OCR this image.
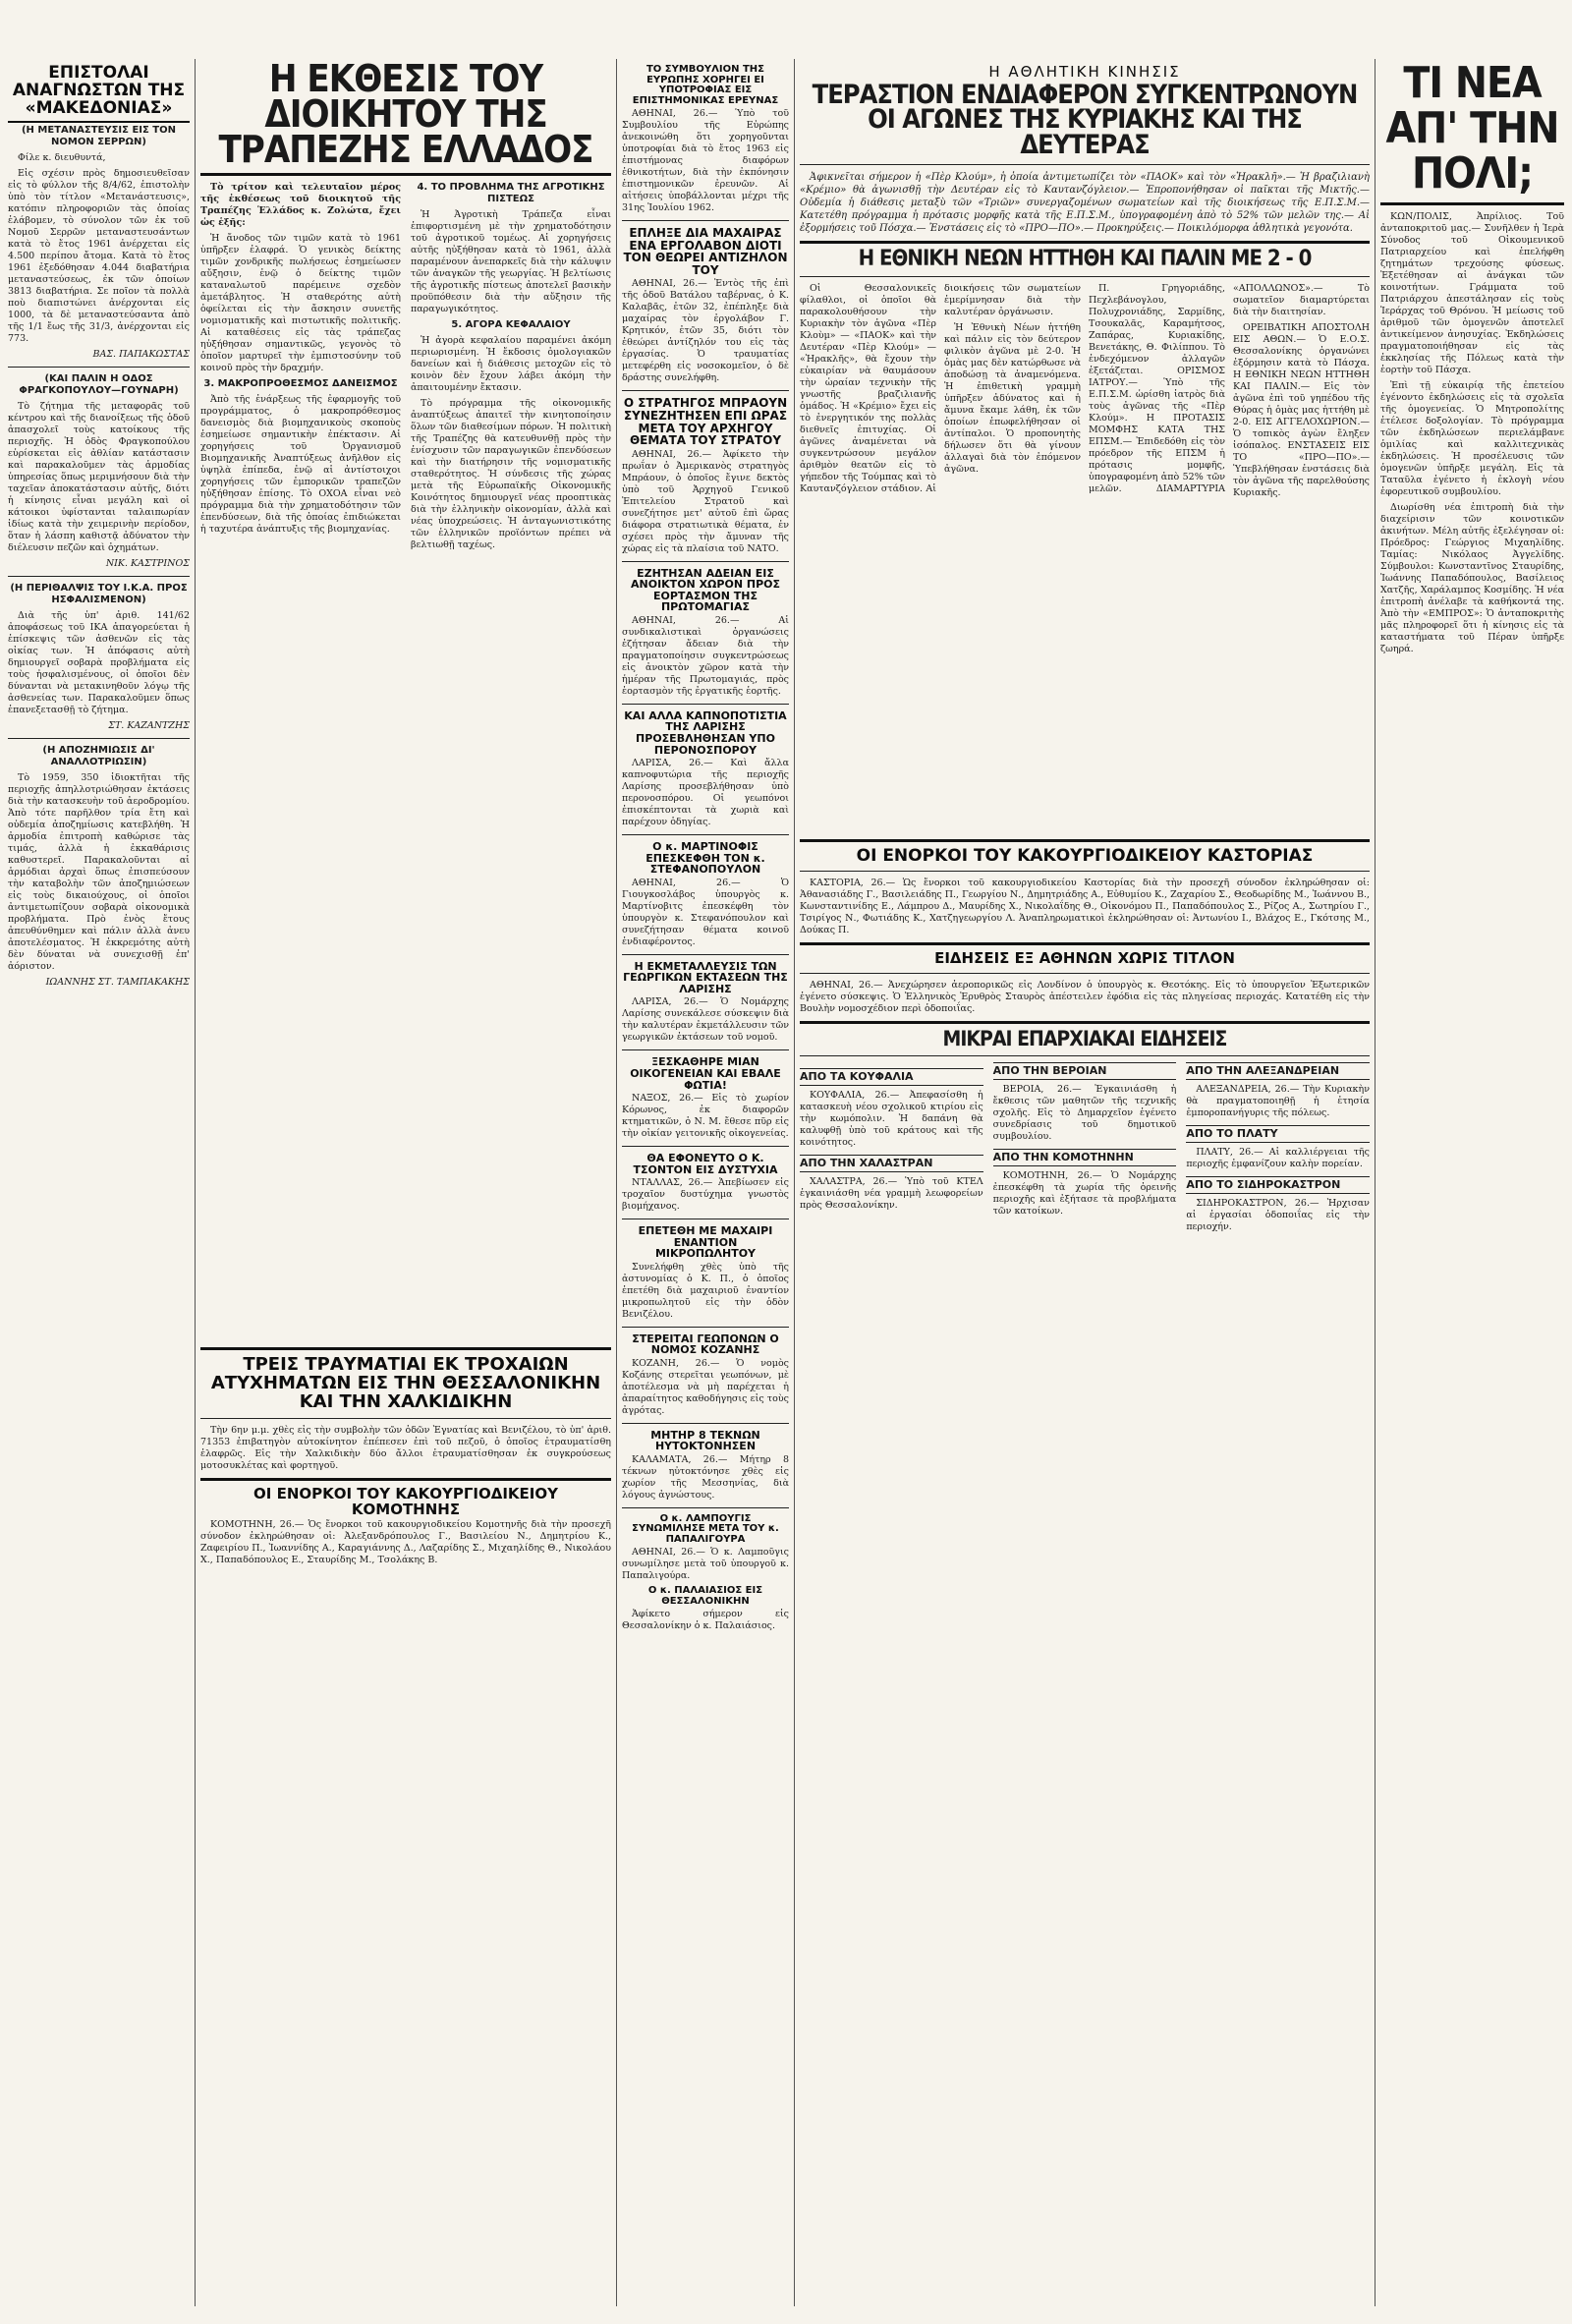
ΕΠΙΣΤΟΛΑΙ ΑΝΑΓΝΩΣΤΩΝ ΤΗΣ «ΜΑΚΕΔΟΝΙΑΣ»
(Η ΜΕΤΑΝΑΣΤΕΥΣΙΣ ΕΙΣ ΤΟΝ ΝΟΜΟΝ ΣΕΡΡΩΝ)

Φίλε κ. διευθυντά,

Εἰς σχέσιν πρὸς δημοσιευθεῖσαν εἰς τὸ φύλλον τῆς 8/4/62, ἐπιστολὴν ὑπὸ τὸν τίτλον «Μετανάστευσις», κατόπιν πληροφοριῶν τὰς ὁποίας ἐλάβομεν, τὸ σύνολον τῶν ἐκ τοῦ Νομοῦ Σερρῶν μεταναστευσάντων κατὰ τὸ ἔτος 1961 ἀνέρχεται εἰς 4.500 περίπου ἄτομα. Κατὰ τὸ ἔτος 1961 ἐξεδόθησαν 4.044 διαβατήρια μεταναστεύσεως, ἐκ τῶν ὁποίων 3813 διαβατήρια. Σε ποῖον τὰ πολλὰ ποὺ διαπιστώνει ἀνέρχονται εἰς 1000, τὰ δὲ μεταναστεύσαντα ἀπὸ τῆς 1/1 ἔως τῆς 31/3, ἀνέρχονται εἰς 773.

ΒΑΣ. ΠΑΠΑΚΩΣΤΑΣ
(ΚΑΙ ΠΑΛΙΝ Η ΟΔΟΣ ΦΡΑΓΚΟΠΟΥΛΟΥ—ΓΟΥΝΑΡΗ)

Τὸ ζήτημα τῆς μεταφορᾶς τοῦ κέντρου καὶ τῆς διανοίξεως τῆς ὁδοῦ ἀπασχολεῖ τοὺς κατοίκους τῆς περιοχῆς. Ἡ ὁδὸς Φραγκοπούλου εὑρίσκεται εἰς ἀθλίαν κατάστασιν καὶ παρακαλοῦμεν τὰς ἁρμοδίας ὑπηρεσίας ὅπως μεριμνήσουν διὰ τὴν ταχεῖαν ἀποκατάστασιν αὐτῆς, διότι ἡ κίνησις εἶναι μεγάλη καὶ οἱ κάτοικοι ὑφίστανται ταλαιπωρίαν ἰδίως κατὰ τὴν χειμερινὴν περίοδον, ὅταν ἡ λάσπη καθιστᾷ ἀδύνατον τὴν διέλευσιν πεζῶν καὶ ὀχημάτων.

ΝΙΚ. ΚΑΣΤΡΙΝΟΣ
(Η ΠΕΡΙΘΑΛΨΙΣ ΤΟΥ Ι.Κ.Α. ΠΡΟΣ ΗΣΦΑΛΙΣΜΕΝΟΝ)

Διὰ τῆς ὑπ' ἀριθ. 141/62 ἀποφάσεως τοῦ ΙΚΑ ἀπαγορεύεται ἡ ἐπίσκεψις τῶν ἀσθενῶν εἰς τὰς οἰκίας των. Ἡ ἀπόφασις αὐτὴ δημιουργεῖ σοβαρὰ προβλήματα εἰς τοὺς ἠσφαλισμένους, οἱ ὁποῖοι δὲν δύνανται νὰ μετακινηθοῦν λόγῳ τῆς ἀσθενείας των. Παρακαλοῦμεν ὅπως ἐπανεξετασθῇ τὸ ζήτημα.

ΣΤ. ΚΑΖΑΝΤΖΗΣ
(Η ΑΠΟΖΗΜΙΩΣΙΣ ΔΙ' ΑΝΑΛΛΟΤΡΙΩΣΙΝ)

Τὸ 1959, 350 ἰδιοκτῆται τῆς περιοχῆς ἀπηλλοτριώθησαν ἐκτάσεις διὰ τὴν κατασκευὴν τοῦ ἀεροδρομίου. Ἀπὸ τότε παρῆλθον τρία ἔτη καὶ οὐδεμία ἀποζημίωσις κατεβλήθη. Ἡ ἀρμοδία ἐπιτροπὴ καθώρισε τὰς τιμάς, ἀλλὰ ἡ ἐκκαθάρισις καθυστερεῖ. Παρακαλοῦνται αἱ ἁρμόδιαι ἀρχαὶ ὅπως ἐπισπεύσουν τὴν καταβολὴν τῶν ἀποζημιώσεων εἰς τοὺς δικαιούχους, οἱ ὁποῖοι ἀντιμετωπίζουν σοβαρὰ οἰκονομικὰ προβλήματα. Πρὸ ἑνὸς ἔτους ἀπευθύνθημεν καὶ πάλιν ἀλλὰ ἀνευ ἀποτελέσματος. Ἡ ἐκκρεμότης αὐτὴ δὲν δύναται νὰ συνεχισθῇ ἐπ' ἀόριστον.

ΙΩΑΝΝΗΣ ΣΤ. ΤΑΜΠΑΚΑΚΗΣ
Η ΕΚΘΕΣΙΣ ΤΟΥ ΔΙΟΙΚΗΤΟΥ ΤΗΣ ΤΡΑΠΕΖΗΣ ΕΛΛΑΔΟΣ

Τὸ τρίτον καὶ τελευταῖον μέρος τῆς ἐκθέσεως τοῦ διοικητοῦ τῆς Τραπέζης Ἑλλάδος κ. Ζολώτα, ἔχει ὡς ἑξῆς:

Ἡ ἄνοδος τῶν τιμῶν κατὰ τὸ 1961 ὑπῆρξεν ἐλαφρά. Ὁ γενικὸς δείκτης τιμῶν χονδρικῆς πωλήσεως ἐσημείωσεν αὔξησιν, ἐνῷ ὁ δείκτης τιμῶν καταναλωτοῦ παρέμεινε σχεδὸν ἀμετάβλητος. Ἡ σταθερότης αὐτὴ ὀφείλεται εἰς τὴν ἄσκησιν συνετῆς νομισματικῆς καὶ πιστωτικῆς πολιτικῆς. Αἱ καταθέσεις εἰς τὰς τράπεζας ηὐξήθησαν σημαντικῶς, γεγονὸς τὸ ὁποῖον μαρτυρεῖ τὴν ἐμπιστοσύνην τοῦ κοινοῦ πρὸς τὴν δραχμήν.

3. ΜΑΚΡΟΠΡΟΘΕΣΜΟΣ ΔΑΝΕΙΣΜΟΣ

Ἀπὸ τῆς ἐνάρξεως τῆς ἐφαρμογῆς τοῦ προγράμματος, ὁ μακροπρόθεσμος δανεισμὸς διὰ βιομηχανικοὺς σκοποὺς ἐσημείωσε σημαντικὴν ἐπέκτασιν. Αἱ χορηγήσεις τοῦ Ὀργανισμοῦ Βιομηχανικῆς Ἀναπτύξεως ἀνῆλθον εἰς ὑψηλὰ ἐπίπεδα, ἐνῷ αἱ ἀντίστοιχοι χορηγήσεις τῶν ἐμπορικῶν τραπεζῶν ηὐξήθησαν ἐπίσης. Τὸ ΟΧΟΑ εἶναι νεὸ πρόγραμμα διὰ τὴν χρηματοδότησιν τῶν ἐπενδύσεων, διὰ τῆς ὁποίας ἐπιδιώκεται ἡ ταχυτέρα ἀνάπτυξις τῆς βιομηχανίας.

4. ΤΟ ΠΡΟΒΛΗΜΑ ΤΗΣ ΑΓΡΟΤΙΚΗΣ ΠΙΣΤΕΩΣ

Ἡ Ἀγροτικὴ Τράπεζα εἶναι ἐπιφορτισμένη μὲ τὴν χρηματοδότησιν τοῦ ἀγροτικοῦ τομέως. Αἱ χορηγήσεις αὐτῆς ηὐξήθησαν κατὰ τὸ 1961, ἀλλὰ παραμένουν ἀνεπαρκεῖς διὰ τὴν κάλυψιν τῶν ἀναγκῶν τῆς γεωργίας. Ἡ βελτίωσις τῆς ἀγροτικῆς πίστεως ἀποτελεῖ βασικὴν προϋπόθεσιν διὰ τὴν αὔξησιν τῆς παραγωγικότητος.

5. ΑΓΟΡΑ ΚΕΦΑΛΑΙΟΥ

Ἡ ἀγορὰ κεφαλαίου παραμένει ἀκόμη περιωρισμένη. Ἡ ἔκδοσις ὁμολογιακῶν δανείων καὶ ἡ διάθεσις μετοχῶν εἰς τὸ κοινὸν δὲν ἔχουν λάβει ἀκόμη τὴν ἀπαιτουμένην ἔκτασιν.

Τὸ πρόγραμμα τῆς οἰκονομικῆς ἀναπτύξεως ἀπαιτεῖ τὴν κινητοποίησιν ὅλων τῶν διαθεσίμων πόρων. Ἡ πολιτικὴ τῆς Τραπέζης θὰ κατευθυνθῇ πρὸς τὴν ἐνίσχυσιν τῶν παραγωγικῶν ἐπενδύσεων καὶ τὴν διατήρησιν τῆς νομισματικῆς σταθερότητος. Ἡ σύνδεσις τῆς χώρας μετὰ τῆς Εὐρωπαϊκῆς Οἰκονομικῆς Κοινότητος δημιουργεῖ νέας προοπτικὰς διὰ τὴν ἑλληνικὴν οἰκονομίαν, ἀλλὰ καὶ νέας ὑποχρεώσεις. Ἡ ἀνταγωνιστικότης τῶν ἑλληνικῶν προϊόντων πρέπει νὰ βελτιωθῇ ταχέως.

ΤΡΕΙΣ ΤΡΑΥΜΑΤΙΑΙ ΕΚ ΤΡΟΧΑΙΩΝ ΑΤΥΧΗΜΑΤΩΝ ΕΙΣ ΤΗΝ ΘΕΣΣΑΛΟΝΙΚΗΝ ΚΑΙ ΤΗΝ ΧΑΛΚΙΔΙΚΗΝ

Τὴν 6ην μ.μ. χθὲς εἰς τὴν συμβολὴν τῶν ὁδῶν Ἐγνατίας καὶ Βενιζέλου, τὸ ὑπ' ἀριθ. 71353 ἐπιβατηγὸν αὐτοκίνητον ἐπέπεσεν ἐπὶ τοῦ πεζοῦ, ὁ ὁποῖος ἐτραυματίσθη ἐλαφρῶς. Εἰς τὴν Χαλκιδικὴν δύο ἄλλοι ἐτραυματίσθησαν ἐκ συγκρούσεως μοτοσυκλέτας καὶ φορτηγοῦ.

ΟΙ ΕΝΟΡΚΟΙ ΤΟΥ ΚΑΚΟΥΡΓΙΟΔΙΚΕΙΟΥ ΚΟΜΟΤΗΝΗΣ

ΚΟΜΟΤΗΝΗ, 26.— Ὁς ἔνορκοι τοῦ κακουργιοδικείου Κομοτηνῆς διὰ τὴν προσεχῆ σύνοδον ἐκληρώθησαν οἱ: Ἀλεξανδρόπουλος Γ., Βασιλείου Ν., Δημητρίου Κ., Ζαφειρίου Π., Ἰωαννίδης Α., Καραγιάννης Δ., Λαζαρίδης Σ., Μιχαηλίδης Θ., Νικολάου Χ., Παπαδόπουλος Ε., Σταυρίδης Μ., Τσολάκης Β.

ΤΟ ΣΥΜΒΟΥΛΙΟΝ ΤΗΣ ΕΥΡΩΠΗΣ ΧΟΡΗΓΕΙ ΕΙ ΥΠΟΤΡΟΦΙΑΣ ΕΙΣ ΕΠΙΣΤΗΜΟΝΙΚΑΣ ΕΡΕΥΝΑΣ

ΑΘΗΝΑΙ, 26.— Ὑπὸ τοῦ Συμβουλίου τῆς Εὐρώπης ἀνεκοινώθη ὅτι χορηγοῦνται ὑποτροφίαι διὰ τὸ ἔτος 1963 εἰς ἐπιστήμονας διαφόρων ἐθνικοτήτων, διὰ τὴν ἐκπόνησιν ἐπιστημονικῶν ἐρευνῶν. Αἱ αἰτήσεις ὑποβάλλονται μέχρι τῆς 31ης Ἰουλίου 1962.

ΕΠΛΗΞΕ ΔΙΑ ΜΑΧΑΙΡΑΣ ΕΝΑ ΕΡΓΟΛΑΒΟΝ ΔΙΟΤΙ ΤΟΝ ΘΕΩΡΕΙ ΑΝΤΙΖΗΛΟΝ ΤΟΥ

ΑΘΗΝΑΙ, 26.— Ἐντὸς τῆς ἐπὶ τῆς ὁδοῦ Βατάλου ταβέρνας, ὁ Κ. Καλαβᾶς, ἐτῶν 32, ἐπέπληξε διὰ μαχαίρας τὸν ἐργολάβον Γ. Κρητικόν, ἐτῶν 35, διότι τὸν ἐθεώρει ἀντίζηλόν του εἰς τὰς ἐργασίας. Ὁ τραυματίας μετεφέρθη εἰς νοσοκομεῖον, ὁ δὲ δράστης συνελήφθη.

Ο ΣΤΡΑΤΗΓΟΣ ΜΠΡΑΟΥΝ ΣΥΝΕΖΗΤΗΣΕΝ ΕΠΙ ΩΡΑΣ ΜΕΤΑ ΤΟΥ ΑΡΧΗΓΟΥ ΘΕΜΑΤΑ ΤΟΥ ΣΤΡΑΤΟΥ

ΑΘΗΝΑΙ, 26.— Ἀφίκετο τὴν πρωΐαν ὁ Ἀμερικανὸς στρατηγὸς Μπράουν, ὁ ὁποῖος ἔγινε δεκτὸς ὑπὸ τοῦ Ἀρχηγοῦ Γενικοῦ Ἐπιτελείου Στρατοῦ καὶ συνεζήτησε μετ' αὐτοῦ ἐπὶ ὥρας διάφορα στρατιωτικὰ θέματα, ἐν σχέσει πρὸς τὴν ἄμυναν τῆς χώρας εἰς τὰ πλαίσια τοῦ ΝΑΤΟ.

ΕΖΗΤΗΣΑΝ ΑΔΕΙΑΝ ΕΙΣ ΑΝΟΙΚΤΟΝ ΧΩΡΟΝ ΠΡΟΣ ΕΟΡΤΑΣΜΟΝ ΤΗΣ ΠΡΩΤΟΜΑΓΙΑΣ

ΑΘΗΝΑΙ, 26.— Αἱ συνδικαλιστικαὶ ὀργανώσεις ἐζήτησαν ἄδειαν διὰ τὴν πραγματοποίησιν συγκεντρώσεως εἰς ἀνοικτὸν χῶρον κατὰ τὴν ἡμέραν τῆς Πρωτομαγιάς, πρὸς ἑορτασμὸν τῆς ἐργατικῆς ἑορτῆς.

ΚΑΙ ΑΛΛΑ ΚΑΠΝΟΠΟΤΙΣΤΙΑ ΤΗΣ ΛΑΡΙΣΗΣ ΠΡΟΣΕΒΛΗΘΗΣΑΝ ΥΠΟ ΠΕΡΟΝΟΣΠΟΡΟΥ

ΛΑΡΙΣΑ, 26.— Καὶ ἄλλα καπνοφυτώρια τῆς περιοχῆς Λαρίσης προσεβλήθησαν ὑπὸ περονοσπόρου. Οἱ γεωπόνοι ἐπισκέπτονται τὰ χωριὰ καὶ παρέχουν ὁδηγίας.

Ο κ. ΜΑΡΤΙΝΟΦΙΣ ΕΠΕΣΚΕΦΘΗ ΤΟΝ κ. ΣΤΕΦΑΝΟΠΟΥΛΟΝ

ΑΘΗΝΑΙ, 26.— Ὁ Γιουγκοσλάβος ὑπουργὸς κ. Μαρτίνοβιτς ἐπεσκέφθη τὸν ὑπουργὸν κ. Στεφανόπουλον καὶ συνεζήτησαν θέματα κοινοῦ ἐνδιαφέροντος.

Η ΕΚΜΕΤΑΛΛΕΥΣΙΣ ΤΩΝ ΓΕΩΡΓΙΚΩΝ ΕΚΤΑΣΕΩΝ ΤΗΣ ΛΑΡΙΣΗΣ

ΛΑΡΙΣΑ, 26.— Ὁ Νομάρχης Λαρίσης συνεκάλεσε σύσκεψιν διὰ τὴν καλυτέραν ἐκμετάλλευσιν τῶν γεωργικῶν ἐκτάσεων τοῦ νομοῦ.

ΞΕΣΚΑΘΗΡΕ ΜΙΑΝ ΟΙΚΟΓΕΝΕΙΑΝ ΚΑΙ ΕΒΑΛΕ ΦΩΤΙΑ!

ΝΑΞΟΣ, 26.— Εἰς τὸ χωρίον Κόρωνος, ἐκ διαφορῶν κτηματικῶν, ὁ Ν. Μ. ἔθεσε πῦρ εἰς τὴν οἰκίαν γειτονικῆς οἰκογενείας.

ΘΑ ΕΦΟΝΕΥΤΟ Ο Κ. ΤΣΟΝΤΟΝ ΕΙΣ ΔΥΣΤΥΧΙΑ

ΝΤΑΛΛΑΣ, 26.— Ἀπεβίωσεν εἰς τροχαῖον δυστύχημα γνωστὸς βιομήχανος.

ΕΠΕΤΕΘΗ ΜΕ ΜΑΧΑΙΡΙ ΕΝΑΝΤΙΟΝ ΜΙΚΡΟΠΩΛΗΤΟΥ

Συνελήφθη χθὲς ὑπὸ τῆς ἀστυνομίας ὁ Κ. Π., ὁ ὁποῖος ἐπετέθη διὰ μαχαιριοῦ ἐναντίον μικροπωλητοῦ εἰς τὴν ὁδὸν Βενιζέλου.

ΣΤΕΡΕΙΤΑΙ ΓΕΩΠΟΝΩΝ Ο ΝΟΜΟΣ ΚΟΖΑΝΗΣ

ΚΟΖΑΝΗ, 26.— Ὁ νομὸς Κοζάνης στερεῖται γεωπόνων, μὲ ἀποτέλεσμα νὰ μὴ παρέχεται ἡ ἀπαραίτητος καθοδήγησις εἰς τοὺς ἀγρότας.

ΜΗΤΗΡ 8 ΤΕΚΝΩΝ ΗΥΤΟΚΤΟΝΗΣΕΝ

ΚΑΛΑΜΑΤΑ, 26.— Μήτηρ 8 τέκνων ηὐτοκτόνησε χθὲς εἰς χωρίον τῆς Μεσσηνίας, διὰ λόγους ἀγνώστους.

Ο κ. ΛΑΜΠΟΥΓΙΣ ΣΥΝΩΜΙΛΗΣΕ ΜΕΤΑ ΤΟΥ κ. ΠΑΠΑΛΙΓΟΥΡΑ

ΑΘΗΝΑΙ, 26.— Ὁ κ. Λαμποῦγις συνωμίλησε μετὰ τοῦ ὑπουργοῦ κ. Παπαλιγούρα.

Ο κ. ΠΑΛΑΙΑΣΙΟΣ ΕΙΣ ΘΕΣΣΑΛΟΝΙΚΗΝ

Ἀφίκετο σήμερον εἰς Θεσσαλονίκην ὁ κ. Παλαιάσιος.

Η ΑΘΛΗΤΙΚΗ ΚΙΝΗΣΙΣ
ΤΕΡΑΣΤΙΟΝ ΕΝΔΙΑΦΕΡΟΝ ΣΥΓΚΕΝΤΡΩΝΟΥΝ ΟΙ ΑΓΩΝΕΣ ΤΗΣ ΚΥΡΙΑΚΗΣ ΚΑΙ ΤΗΣ ΔΕΥΤΕΡΑΣ

Ἀφικνεῖται σήμερον ἡ «Πὲρ Κλούμ», ἡ ὁποία ἀντιμετωπίζει τὸν «ΠΑΟΚ» καὶ τὸν «Ἡρακλῆ».— Ἡ βραζιλιανὴ «Κρέμιο» θὰ ἀγωνισθῇ τὴν Δευτέραν εἰς τὸ Καυτανζόγλειον.— Ἐπροπονήθησαν οἱ παῖκται τῆς Μικτῆς.— Οὐδεμία ἡ διάθεσις μεταξὺ τῶν «Τριῶν» συνεργαζομένων σωματείων καὶ τῆς διοικήσεως τῆς Ε.Π.Σ.Μ.— Κατετέθη πρόγραμμα ἡ πρότασις μορφῆς κατὰ τῆς Ε.Π.Σ.Μ., ὑπογραφομένη ἀπὸ τὸ 52% τῶν μελῶν της.— Αἱ ἐξορμήσεις τοῦ Πόσχα.— Ἐνστάσεις εἰς τὸ «ΠΡΟ—ΠΟ».— Προκηρύξεις.— Ποικιλόμορφα ἀθλητικὰ γεγονότα.

Η ΕΘΝΙΚΗ ΝΕΩΝ ΗΤΤΗΘΗ ΚΑΙ ΠΑΛΙΝ ΜΕ 2 - 0

Οἱ Θεσσαλονικεῖς φίλαθλοι, οἱ ὁποῖοι θὰ παρακολουθήσουν τὴν Κυριακὴν τὸν ἀγῶνα «Πὲρ Κλοὺμ» — «ΠΑΟΚ» καὶ τὴν Δευτέραν «Πὲρ Κλούμ» — «Ἡρακλῆς», θὰ ἔχουν τὴν εὐκαιρίαν νὰ θαυμάσουν τὴν ὡραίαν τεχνικὴν τῆς γνωστῆς βραζιλιανῆς ὁμάδος. Ἡ «Κρέμιο» ἔχει εἰς τὸ ἐνεργητικόν της πολλὰς διεθνεῖς ἐπιτυχίας. Οἱ ἀγῶνες ἀναμένεται νὰ συγκεντρώσουν μεγάλον ἀριθμὸν θεατῶν εἰς τὸ γήπεδον τῆς Τούμπας καὶ τὸ Καυτανζόγλειον στάδιον. Αἱ διοικήσεις τῶν σωματείων ἐμερίμνησαν διὰ τὴν καλυτέραν ὀργάνωσιν.

Ἡ Ἐθνικὴ Νέων ἡττήθη καὶ πάλιν εἰς τὸν δεύτερον φιλικὸν ἀγῶνα μὲ 2-0. Ἡ ὁμὰς μας δὲν κατώρθωσε νὰ ἀποδώσῃ τὰ ἀναμενόμενα. Ἡ ἐπιθετικὴ γραμμὴ ὑπῆρξεν ἀδύνατος καὶ ἡ ἄμυνα ἔκαμε λάθη, ἐκ τῶν ὁποίων ἐπωφελήθησαν οἱ ἀντίπαλοι. Ὁ προπονητὴς δήλωσεν ὅτι θὰ γίνουν ἀλλαγαὶ διὰ τὸν ἑπόμενον ἀγῶνα.

Π. Γρηγοριάδης, Πεχλεβάνογλου, Πολυχρονιάδης, Σαρμίδης, Τσουκαλᾶς, Καραμήτσος, Ζαπάρας, Κυριακίδης, Βενετάκης, Θ. Φιλίππου. Τὸ ἐνδεχόμενον ἀλλαγῶν ἐξετάζεται. ΟΡΙΣΜΟΣ ΙΑΤΡΟΥ.— Ὑπὸ τῆς Ε.Π.Σ.Μ. ὡρίσθη ἰατρὸς διὰ τοὺς ἀγῶνας τῆς «Πὲρ Κλούμ». Η ΠΡΟΤΑΣΙΣ ΜΟΜΦΗΣ ΚΑΤΑ ΤΗΣ ΕΠΣΜ.— Ἐπιδεδόθη εἰς τὸν πρόεδρον τῆς ΕΠΣΜ ἡ πρότασις μομφῆς, ὑπογραφομένη ἀπὸ 52% τῶν μελῶν. ΔΙΑΜΑΡΤΥΡΙΑ «ΑΠΟΛΛΩΝΟΣ».— Τὸ σωματεῖον διαμαρτύρεται διὰ τὴν διαιτησίαν.

ΟΡΕΙΒΑΤΙΚΗ ΑΠΟΣΤΟΛΗ ΕΙΣ ΑΘΩΝ.— Ὁ Ε.Ο.Σ. Θεσσαλονίκης ὀργανώνει ἐξόρμησιν κατὰ τὸ Πάσχα. Η ΕΘΝΙΚΗ ΝΕΩΝ ΗΤΤΗΘΗ ΚΑΙ ΠΑΛΙΝ.— Εἰς τὸν ἀγῶνα ἐπὶ τοῦ γηπέδου τῆς Θύρας ἡ ὁμὰς μας ἡττήθη μὲ 2-0. ΕΙΣ ΑΓΓΕΛΟΧΩΡΙΟΝ.— Ὁ τοπικὸς ἀγὼν ἔληξεν ἰσόπαλος. ΕΝΣΤΑΣΕΙΣ ΕΙΣ ΤΟ «ΠΡΟ—ΠΟ».— Ὑπεβλήθησαν ἐνστάσεις διὰ τὸν ἀγῶνα τῆς παρελθούσης Κυριακῆς.

ΟΙ ΕΝΟΡΚΟΙ ΤΟΥ ΚΑΚΟΥΡΓΙΟΔΙΚΕΙΟΥ ΚΑΣΤΟΡΙΑΣ

ΚΑΣΤΟΡΙΑ, 26.— Ὡς ἔνορκοι τοῦ κακουργιοδικείου Καστορίας διὰ τὴν προσεχῆ σύνοδον ἐκληρώθησαν οἱ: Ἀθανασιάδης Γ., Βασιλειάδης Π., Γεωργίου Ν., Δημητριάδης Α., Εὐθυμίου Κ., Ζαχαρίου Σ., Θεοδωρίδης Μ., Ἰωάννου Β., Κωνσταντινίδης Ε., Λάμπρου Δ., Μαυρίδης Χ., Νικολαΐδης Θ., Οἰκονόμου Π., Παπαδόπουλος Σ., Ρίζος Α., Σωτηρίου Γ., Τσιρίγος Ν., Φωτιάδης Κ., Χατζηγεωργίου Λ. Ἀναπληρωματικοὶ ἐκληρώθησαν οἱ: Ἀντωνίου Ι., Βλάχος Ε., Γκότσης Μ., Δούκας Π.

ΕΙΔΗΣΕΙΣ ΕΞ ΑΘΗΝΩΝ ΧΩΡΙΣ ΤΙΤΛΟΝ

ΑΘΗΝΑΙ, 26.— Ἀνεχώρησεν ἀεροπορικῶς εἰς Λονδίνον ὁ ὑπουργὸς κ. Θεοτόκης. Εἰς τὸ ὑπουργεῖον Ἐξωτερικῶν ἐγένετο σύσκεψις. Ὁ Ἑλληνικὸς Ἐρυθρὸς Σταυρὸς ἀπέστειλεν ἐφόδια εἰς τὰς πληγείσας περιοχάς. Κατατέθη εἰς τὴν Βουλὴν νομοσχέδιον περὶ ὁδοποιΐας.

ΜΙΚΡΑΙ ΕΠΑΡΧΙΑΚΑΙ ΕΙΔΗΣΕΙΣ
ΑΠΟ ΤΑ ΚΟΥΦΑΛΙΑ

ΚΟΥΦΑΛΙΑ, 26.— Ἀπεφασίσθη ἡ κατασκευὴ νέου σχολικοῦ κτιρίου εἰς τὴν κωμόπολιν. Ἡ δαπάνη θὰ καλυφθῇ ὑπὸ τοῦ κράτους καὶ τῆς κοινότητος.

ΑΠΟ ΤΗΝ ΧΑΛΑΣΤΡΑΝ

ΧΑΛΑΣΤΡΑ, 26.— Ὑπὸ τοῦ ΚΤΕΛ ἐγκαινιάσθη νέα γραμμὴ λεωφορείων πρὸς Θεσσαλονίκην.

ΑΠΟ ΤΗΝ ΒΕΡΟΙΑΝ

ΒΕΡΟΙΑ, 26.— Ἐγκαινιάσθη ἡ ἔκθεσις τῶν μαθητῶν τῆς τεχνικῆς σχολῆς. Εἰς τὸ Δημαρχεῖον ἐγένετο συνεδρίασις τοῦ δημοτικοῦ συμβουλίου.

ΑΠΟ ΤΗΝ ΚΟΜΟΤΗΝΗΝ

ΚΟΜΟΤΗΝΗ, 26.— Ὁ Νομάρχης ἐπεσκέφθη τὰ χωρία τῆς ὀρεινῆς περιοχῆς καὶ ἐξήτασε τὰ προβλήματα τῶν κατοίκων.

ΑΠΟ ΤΗΝ ΑΛΕΞΑΝΔΡΕΙΑΝ

ΑΛΕΞΑΝΔΡΕΙΑ, 26.— Τὴν Κυριακὴν θὰ πραγματοποιηθῇ ἡ ἐτησία ἐμποροπανήγυρις τῆς πόλεως.

ΑΠΟ ΤΟ ΠΛΑΤΥ

ΠΛΑΤΥ, 26.— Αἱ καλλιέργειαι τῆς περιοχῆς ἐμφανίζουν καλὴν πορείαν.

ΑΠΟ ΤΟ ΣΙΔΗΡΟΚΑΣΤΡΟΝ

ΣΙΔΗΡΟΚΑΣΤΡΟΝ, 26.— Ἠρχισαν αἱ ἐργασίαι ὁδοποιΐας εἰς τὴν περιοχήν.

ΤΙ ΝΕΑ ΑΠ' ΤΗΝ ΠΟΛΙ;

ΚΩΝ/ΠΟΛΙΣ, Ἀπρίλιος. Τοῦ ἀνταποκριτοῦ μας.— Συνῆλθεν ἡ Ἱερὰ Σύνοδος τοῦ Οἰκουμενικοῦ Πατριαρχείου καὶ ἐπελήφθη ζητημάτων τρεχούσης φύσεως. Ἐξετέθησαν αἱ ἀνάγκαι τῶν κοινοτήτων. Γράμματα τοῦ Πατριάρχου ἀπεστάλησαν εἰς τοὺς Ἱεράρχας τοῦ Θρόνου. Ἡ μείωσις τοῦ ἀριθμοῦ τῶν ὁμογενῶν ἀποτελεῖ ἀντικείμενον ἀνησυχίας. Ἐκδηλώσεις πραγματοποιήθησαν εἰς τὰς ἐκκλησίας τῆς Πόλεως κατὰ τὴν ἑορτὴν τοῦ Πάσχα.

Ἐπὶ τῇ εὐκαιρίᾳ τῆς ἐπετείου ἐγένοντο ἐκδηλώσεις εἰς τὰ σχολεῖα τῆς ὁμογενείας. Ὁ Μητροπολίτης ἐτέλεσε δοξολογίαν. Τὸ πρόγραμμα τῶν ἐκδηλώσεων περιελάμβανε ὁμιλίας καὶ καλλιτεχνικὰς ἐκδηλώσεις. Ἡ προσέλευσις τῶν ὁμογενῶν ὑπῆρξε μεγάλη. Εἰς τὰ Ταταῦλα ἐγένετο ἡ ἐκλογὴ νέου ἐφορευτικοῦ συμβουλίου.

Διωρίσθη νέα ἐπιτροπὴ διὰ τὴν διαχείρισιν τῶν κοινοτικῶν ἀκινήτων. Μέλη αὐτῆς ἐξελέγησαν οἱ: Πρόεδρος: Γεώργιος Μιχαηλίδης. Ταμίας: Νικόλαος Ἀγγελίδης. Σύμβουλοι: Κωνσταντῖνος Σταυρίδης, Ἰωάννης Παπαδόπουλος, Βασίλειος Χατζῆς, Χαράλαμπος Κοσμίδης. Ἡ νέα ἐπιτροπὴ ἀνέλαβε τὰ καθήκοντά της. Ἀπὸ τὴν «ΕΜΠΡΟΣ»: Ὁ ἀνταποκριτὴς μᾶς πληροφορεῖ ὅτι ἡ κίνησις εἰς τὰ καταστήματα τοῦ Πέραν ὑπῆρξε ζωηρά.
